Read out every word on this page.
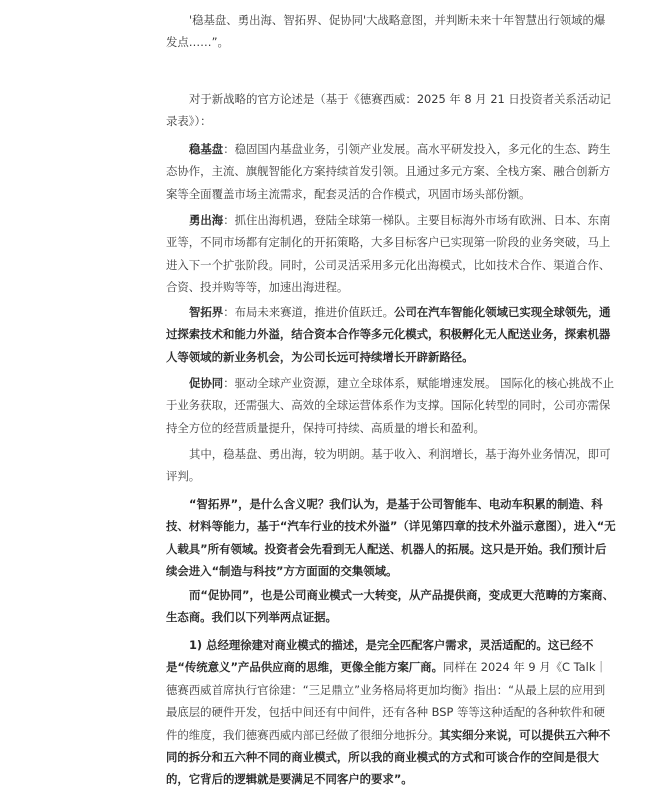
'稳基盘、勇出海、智拓界、促协同'大战略意图，并判断未来十年智慧出行领域的爆发点……”。

对于新战略的官方论述是（基于《德赛西威：2025 年 8 月 21 日投资者关系活动记录表》）：

稳基盘：稳固国内基盘业务，引领产业发展。高水平研发投入，多元化的生态、跨生态协作，主流、旗舰智能化方案持续首发引领。且通过多元方案、全栈方案、融合创新方案等全面覆盖市场主流需求，配套灵活的合作模式，巩固市场头部份额。

勇出海：抓住出海机遇，登陆全球第一梯队。主要目标海外市场有欧洲、日本、东南亚等，不同市场都有定制化的开拓策略，大多目标客户已实现第一阶段的业务突破，马上进入下一个扩张阶段。同时，公司灵活采用多元化出海模式，比如技术合作、渠道合作、合资、投并购等等，加速出海进程。

智拓界：布局未来赛道，推进价值跃迁。公司在汽车智能化领域已实现全球领先，通过探索技术和能力外溢，结合资本合作等多元化模式，积极孵化无人配送业务，探索机器人等领域的新业务机会，为公司长远可持续增长开辟新路径。

促协同：驱动全球产业资源，建立全球体系，赋能增速发展。 国际化的核心挑战不止于业务获取，还需强大、高效的全球运营体系作为支撑。国际化转型的同时，公司亦需保持全方位的经营质量提升，保持可持续、高质量的增长和盈利。

其中，稳基盘、勇出海，较为明朗。基于收入、利润增长，基于海外业务情况，即可评判。

“智拓界”，是什么含义呢？我们认为，是基于公司智能车、电动车积累的制造、科技、材料等能力，基于“汽车行业的技术外溢”（详见第四章的技术外溢示意图），进入“无人载具”所有领域。投资者会先看到无人配送、机器人的拓展。这只是开始。我们预计后续会进入“制造与科技”方方面面的交集领域。

而“促协同”，也是公司商业模式一大转变，从产品提供商，变成更大范畴的方案商、生态商。我们以下列举两点证据。

1) 总经理徐建对商业模式的描述，是完全匹配客户需求，灵活适配的。这已经不是“传统意义”产品供应商的思维，更像全能方案厂商。同样在 2024 年 9 月《C Talk｜德赛西威首席执行官徐建：“三足鼎立”业务格局将更加均衡》指出：“从最上层的应用到最底层的硬件开发，包括中间还有中间件，还有各种 BSP 等等这种适配的各种软件和硬件的维度，我们德赛西威内部已经做了很细分地拆分。其实细分来说，可以提供五六种不同的拆分和五六种不同的商业模式，所以我的商业模式的方式和可谈合作的空间是很大的，它背后的逻辑就是要满足不同客户的要求”。
